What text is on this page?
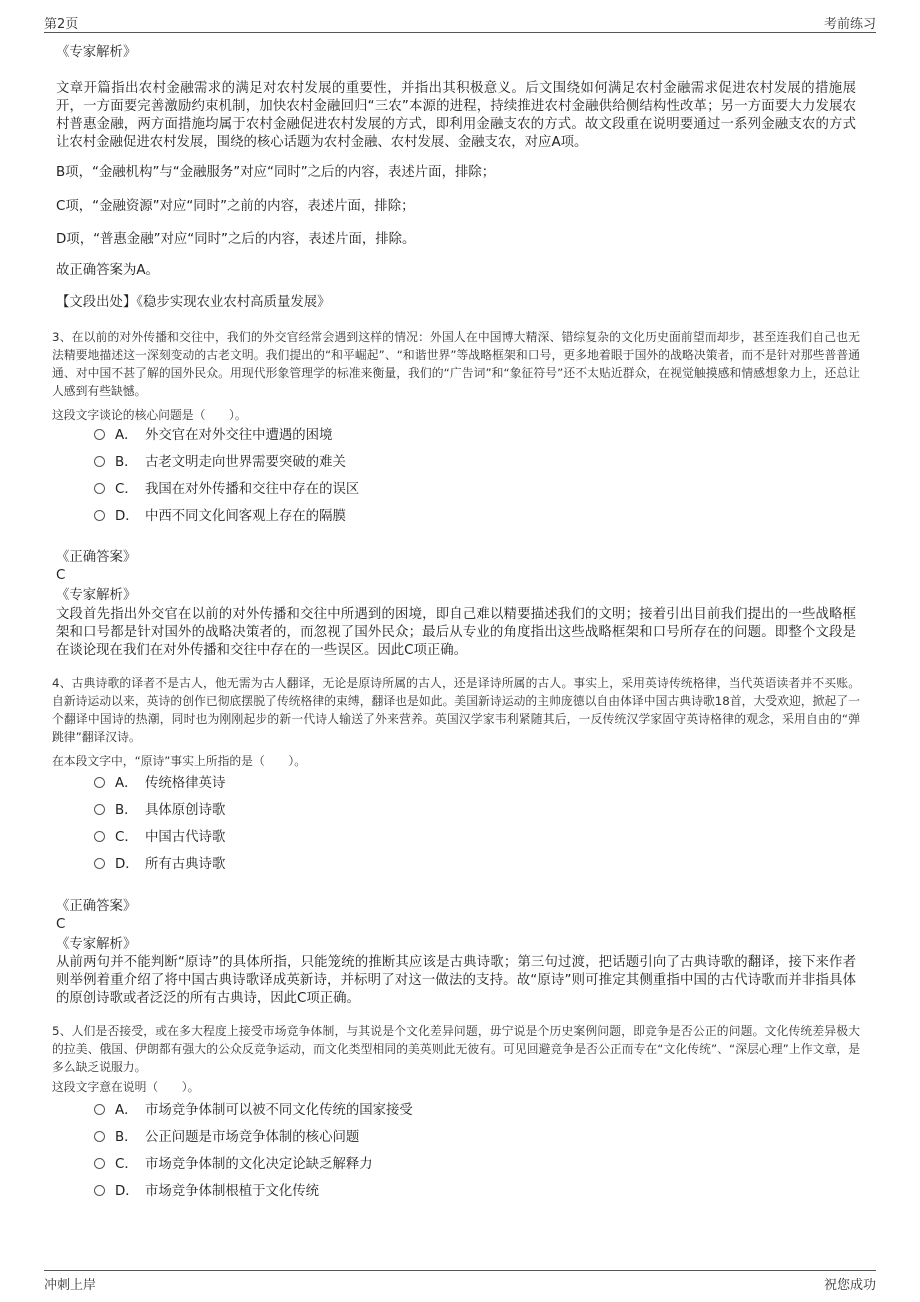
第2页	考前练习
《专家解析》
文章开篇指出农村金融需求的满足对农村发展的重要性，并指出其积极意义。后文围绕如何满足农村金融需求促进农村发展的措施展开，一方面要完善激励约束机制，加快农村金融回归“三农”本源的进程，持续推进农村金融供给侧结构性改革；另一方面要大力发展农村普惠金融，两方面措施均属于农村金融促进农村发展的方式，即利用金融支农的方式。故文段重在说明要通过一系列金融支农的方式让农村金融促进农村发展，围绕的核心话题为农村金融、农村发展、金融支农，对应A项。
B项，“金融机构”与“金融服务”对应“同时”之后的内容，表述片面，排除；
C项，“金融资源”对应“同时”之前的内容，表述片面，排除；
D项，“普惠金融”对应“同时”之后的内容，表述片面，排除。
故正确答案为A。
【文段出处】《稳步实现农业农村高质量发展》
3、在以前的对外传播和交往中，我们的外交官经常会遇到这样的情况：外国人在中国博大精深、错综复杂的文化历史面前望而却步，甚至连我们自己也无法精要地描述这一深刻变动的古老文明。我们提出的“和平崛起”、“和谐世界”等战略框架和口号，更多地着眼于国外的战略决策者，而不是针对那些普普通通、对中国不甚了解的国外民众。用现代形象管理学的标准来衡量，我们的“广告词”和“象征符号”还不太贴近群众，在视觉触摸感和情感想象力上，还总让人感到有些缺憾。
这段文字谈论的核心问题是（　　）。
A． 外交官在对外交往中遭遇的困境
B． 古老文明走向世界需要突破的难关
C． 我国在对外传播和交往中存在的误区
D． 中西不同文化间客观上存在的隔膜
《正确答案》
C
《专家解析》
文段首先指出外交官在以前的对外传播和交往中所遇到的困境，即自己难以精要描述我们的文明；接着引出目前我们提出的一些战略框架和口号都是针对国外的战略决策者的，而忽视了国外民众；最后从专业的角度指出这些战略框架和口号所存在的问题。即整个文段是在谈论现在我们在对外传播和交往中存在的一些误区。因此C项正确。
4、古典诗歌的译者不是古人，他无需为古人翻译，无论是原诗所属的古人，还是译诗所属的古人。事实上，采用英诗传统格律，当代英语读者并不买账。自新诗运动以来，英诗的创作已彻底摆脱了传统格律的束缚，翻译也是如此。美国新诗运动的主帅庞德以自由体译中国古典诗歌18首，大受欢迎，掀起了一个翻译中国诗的热潮，同时也为刚刚起步的新一代诗人输送了外来营养。英国汉学家韦利紧随其后，一反传统汉学家固守英诗格律的观念，采用自由的“弹跳律”翻译汉诗。
在本段文字中，“原诗”事实上所指的是（　　）。
A． 传统格律英诗
B． 具体原创诗歌
C． 中国古代诗歌
D． 所有古典诗歌
《正确答案》
C
《专家解析》
从前两句并不能判断“原诗”的具体所指，只能笼统的推断其应该是古典诗歌；第三句过渡，把话题引向了古典诗歌的翻译，接下来作者则举例着重介绍了将中国古典诗歌译成英新诗，并标明了对这一做法的支持。故“原诗”则可推定其侧重指中国的古代诗歌而并非指具体的原创诗歌或者泛泛的所有古典诗，因此C项正确。
5、人们是否接受，或在多大程度上接受市场竞争体制，与其说是个文化差异问题，毋宁说是个历史案例问题，即竞争是否公正的问题。文化传统差异极大的拉美、俄国、伊朗都有强大的公众反竞争运动，而文化类型相同的美英则此无彼有。可见回避竞争是否公正而专在“文化传统”、“深层心理”上作文章，是多么缺乏说服力。
这段文字意在说明（　　）。
A． 市场竞争体制可以被不同文化传统的国家接受
B． 公正问题是市场竞争体制的核心问题
C． 市场竞争体制的文化决定论缺乏解释力
D． 市场竞争体制根植于文化传统
冲刺上岸	祝您成功
